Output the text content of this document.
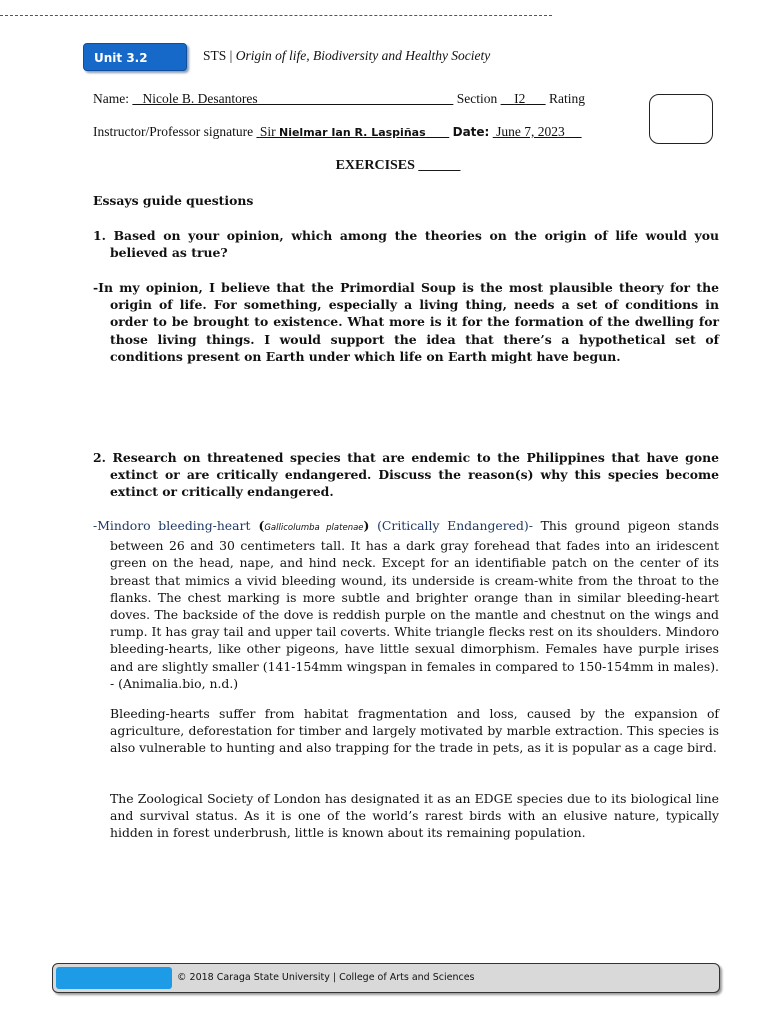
Unit 3.2	STS | Origin of life, Biodiversity and Healthy Society
Name: Nicole B. Desantores	Section I2 Rating
Instructor/Professor signature Sir Nielmar Ian R. Laspiñas Date: June 7, 2023
EXERCISES ______
Essays guide questions
1. Based on your opinion, which among the theories on the origin of life would you believed as true?
-In my opinion, I believe that the Primordial Soup is the most plausible theory for the origin of life. For something, especially a living thing, needs a set of conditions in order to be brought to existence. What more is it for the formation of the dwelling for those living things. I would support the idea that there’s a hypothetical set of conditions present on Earth under which life on Earth might have begun.
2. Research on threatened species that are endemic to the Philippines that have gone extinct or are critically endangered. Discuss the reason(s) why this species become extinct or critically endangered.
-Mindoro bleeding-heart (Gallicolumba platenae) (Critically Endangered)- This ground pigeon stands between 26 and 30 centimeters tall. It has a dark gray forehead that fades into an iridescent green on the head, nape, and hind neck. Except for an identifiable patch on the center of its breast that mimics a vivid bleeding wound, its underside is cream-white from the throat to the flanks. The chest marking is more subtle and brighter orange than in similar bleeding-heart doves. The backside of the dove is reddish purple on the mantle and chestnut on the wings and rump. It has gray tail and upper tail coverts. White triangle flecks rest on its shoulders. Mindoro bleeding-hearts, like other pigeons, have little sexual dimorphism. Females have purple irises and are slightly smaller (141-154mm wingspan in females in compared to 150-154mm in males). - (Animalia.bio, n.d.)
Bleeding-hearts suffer from habitat fragmentation and loss, caused by the expansion of agriculture, deforestation for timber and largely motivated by marble extraction. This species is also vulnerable to hunting and also trapping for the trade in pets, as it is popular as a cage bird.
The Zoological Society of London has designated it as an EDGE species due to its biological line and survival status. As it is one of the world’s rarest birds with an elusive nature, typically hidden in forest underbrush, little is known about its remaining population.
© 2018 Caraga State University | College of Arts and Sciences
